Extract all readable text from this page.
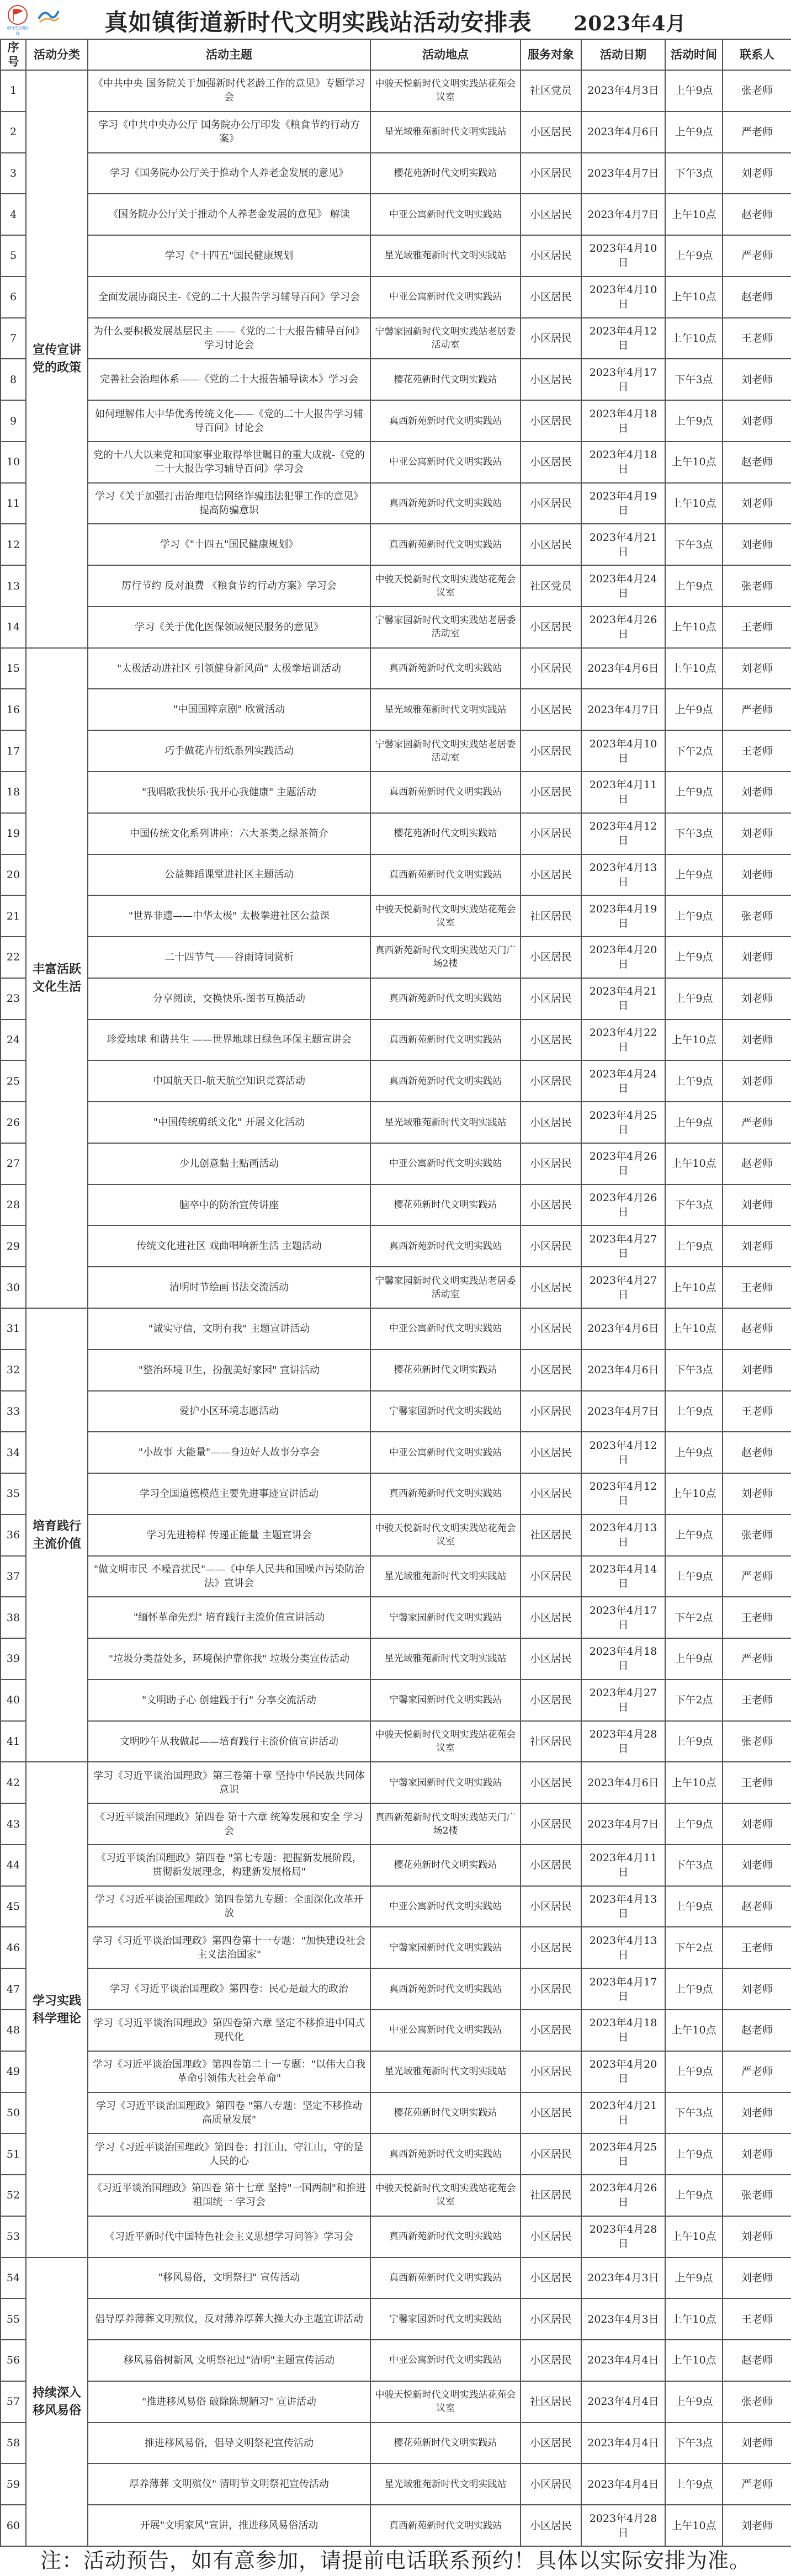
新时代文明实践	真如镇街道新时代文明实践站活动安排表 2023年4月
序号	活动分类	活动主题	活动地点	服务对象	活动日期	活动时间	联系人
1	宣传宣讲党的政策	《中共中央 国务院关于加强新时代老龄工作的意见》专题学习会	中骏天悦新时代文明实践站花苑会议室	社区党员	2023年4月3日	上午9点	张老师
2		学习《中共中央办公厅 国务院办公厅印发《粮食节约行动方案》	星光域雅苑新时代文明实践站	小区居民	2023年4月6日	上午9点	严老师
3		学习《国务院办公厅关于推动个人养老金发展的意见》	樱花苑新时代文明实践站	小区居民	2023年4月7日	下午3点	刘老师
4		《国务院办公厅关于推动个人养老金发展的意见》 解读	中亚公寓新时代文明实践站	小区居民	2023年4月7日	上午10点	赵老师
5		学习《"十四五"国民健康规划	星光域雅苑新时代文明实践站	小区居民	2023年4月10日	上午9点	严老师
6		全面发展协商民主-《党的二十大报告学习辅导百问》学习会	中亚公寓新时代文明实践站	小区居民	2023年4月10日	上午10点	赵老师
7		为什么要积极发展基层民主 ——《党的二十大报告辅导百问》学习讨论会	宁馨家园新时代文明实践站老居委活动室	小区居民	2023年4月12日	上午10点	王老师
8		完善社会治理体系——《党的二十大报告辅导读本》学习会	樱花苑新时代文明实践站	小区居民	2023年4月17日	下午3点	刘老师
9		如何理解伟大中华优秀传统文化——《党的二十大报告学习辅导百问》讨论会	真西新苑新时代文明实践站	小区居民	2023年4月18日	上午9点	刘老师
10		党的十八大以来党和国家事业取得举世瞩目的重大成就-《党的二十大报告学习辅导百问》学习会	中亚公寓新时代文明实践站	小区居民	2023年4月18日	上午10点	赵老师
11		学习《关于加强打击治理电信网络诈骗违法犯罪工作的意见》提高防骗意识	真西新苑新时代文明实践站	小区居民	2023年4月19日	上午10点	刘老师
12		学习《"十四五"国民健康规划》	真西新苑新时代文明实践站	小区居民	2023年4月21日	下午3点	刘老师
13		厉行节约 反对浪费 《粮食节约行动方案》学习会	中骏天悦新时代文明实践站花苑会议室	社区党员	2023年4月24日	上午9点	张老师
14		学习《关于优化医保领域便民服务的意见》	宁馨家园新时代文明实践站老居委活动室	小区居民	2023年4月26日	上午10点	王老师
15	丰富活跃文化生活	"太极活动进社区 引领健身新风尚" 太极拳培训活动	真西新苑新时代文明实践站	小区居民	2023年4月6日	上午10点	刘老师
16		"中国国粹京剧" 欣赏活动	星光域雅苑新时代文明实践站	小区居民	2023年4月7日	上午9点	严老师
17		巧手做花卉衍纸系列实践活动	宁馨家园新时代文明实践站老居委活动室	小区居民	2023年4月10日	下午2点	王老师
18		"我唱歌我快乐·我开心我健康" 主题活动	真西新苑新时代文明实践站	小区居民	2023年4月11日	上午9点	刘老师
19		中国传统文化系列讲座：六大茶类之绿茶简介	樱花苑新时代文明实践站	小区居民	2023年4月12日	下午3点	刘老师
20		公益舞蹈课堂进社区主题活动	真西新苑新时代文明实践站	小区居民	2023年4月13日	上午9点	刘老师
21		"世界非遗——中华太极" 太极拳进社区公益课	中骏天悦新时代文明实践站花苑会议室	社区居民	2023年4月19日	上午9点	张老师
22		二十四节气——谷雨诗词赏析	真西新苑新时代文明实践站天门广场2楼	小区居民	2023年4月20日	上午9点	刘老师
23		分享阅读，交换快乐-图书互换活动	真西新苑新时代文明实践站	小区居民	2023年4月21日	上午9点	刘老师
24		珍爱地球 和谐共生 ——世界地球日绿色环保主题宣讲会	真西新苑新时代文明实践站	小区居民	2023年4月22日	上午10点	刘老师
25		中国航天日-航天航空知识竞赛活动	真西新苑新时代文明实践站	小区居民	2023年4月24日	上午9点	刘老师
26		"中国传统剪纸文化" 开展文化活动	星光域雅苑新时代文明实践站	小区居民	2023年4月25日	上午9点	严老师
27		少儿创意黏土贴画活动	中亚公寓新时代文明实践站	小区居民	2023年4月26日	上午10点	赵老师
28		脑卒中的防治宣传讲座	樱花苑新时代文明实践站	小区居民	2023年4月26日	下午3点	刘老师
29		传统文化进社区 戏曲唱响新生活 主题活动	真西新苑新时代文明实践站	小区居民	2023年4月27日	上午9点	刘老师
30		清明时节绘画书法交流活动	宁馨家园新时代文明实践站老居委活动室	小区居民	2023年4月27日	上午10点	王老师
31	培育践行主流价值	"诚实守信，文明有我" 主题宣讲活动	中亚公寓新时代文明实践站	小区居民	2023年4月6日	上午10点	赵老师
32		"整治环境卫生，扮靓美好家园" 宣讲活动	樱花苑新时代文明实践站	小区居民	2023年4月6日	下午3点	刘老师
33		爱护小区环境志愿活动	宁馨家园新时代文明实践站	小区居民	2023年4月7日	上午9点	王老师
34		"小故事 大能量"——身边好人故事分享会	中亚公寓新时代文明实践站	小区居民	2023年4月12日	上午9点	赵老师
35		学习全国道德模范主要先进事迹宣讲活动	真西新苑新时代文明实践站	小区居民	2023年4月12日	上午10点	刘老师
36		学习先进榜样 传递正能量 主题宣讲会	中骏天悦新时代文明实践站花苑会议室	社区居民	2023年4月13日	上午9点	张老师
37		"做文明市民 不噪音扰民"——《中华人民共和国噪声污染防治法》宣讲会	星光域雅苑新时代文明实践站	小区居民	2023年4月14日	上午9点	严老师
38		"缅怀革命先烈" 培育践行主流价值宣讲活动	宁馨家园新时代文明实践站	小区居民	2023年4月17日	下午2点	王老师
39		"垃圾分类益处多，环境保护靠你我" 垃圾分类宣传活动	星光域雅苑新时代文明实践站	小区居民	2023年4月18日	上午9点	严老师
40		"文明助子心 创建践于行" 分享交流活动	宁馨家园新时代文明实践站	小区居民	2023年4月27日	下午2点	王老师
41		文明吵午从我做起——培育践行主流价值宣讲活动	中骏天悦新时代文明实践站花苑会议室	社区居民	2023年4月28日	上午9点	张老师
42	学习实践科学理论	学习《习近平谈治国理政》第三卷第十章 坚持中华民族共同体意识	宁馨家园新时代文明实践站	小区居民	2023年4月6日	上午10点	王老师
43		《习近平谈治国理政》第四卷 第十六章 统筹发展和安全 学习会	真西新苑新时代文明实践站天门广场2楼	小区居民	2023年4月7日	上午9点	刘老师
44		《习近平谈治国理政》第四卷 "第七专题：把握新发展阶段，贯彻新发展理念，构建新发展格局"	樱花苑新时代文明实践站	小区居民	2023年4月11日	下午3点	刘老师
45		学习《习近平谈治国理政》第四卷第九专题：全面深化改革开放	中亚公寓新时代文明实践站	小区居民	2023年4月13日	上午9点	赵老师
46		学习《习近平谈治国理政》第四卷第十一专题："加快建设社会主义法治国家"	宁馨家园新时代文明实践站	小区居民	2023年4月13日	下午2点	王老师
47		学习《习近平谈治国理政》第四卷：民心是最大的政治	真西新苑新时代文明实践站	小区居民	2023年4月17日	上午9点	刘老师
48		学习《习近平谈治国理政》第四卷第六章 坚定不移推进中国式现代化	中亚公寓新时代文明实践站	小区居民	2023年4月18日	上午10点	赵老师
49		学习《习近平谈治国理政》第四卷第二十一专题："以伟大自我革命引领伟大社会革命"	星光域雅苑新时代文明实践站	小区居民	2023年4月20日	上午9点	严老师
50		学习《习近平谈治国理政》第四卷 "第八专题：坚定不移推动高质量发展"	樱花苑新时代文明实践站	小区居民	2023年4月21日	下午3点	刘老师
51		学习《习近平谈治国理政》第四卷：打江山、守江山，守的是人民的心	真西新苑新时代文明实践站	小区居民	2023年4月25日	上午9点	刘老师
52		《习近平谈治国理政》第四卷 第十七章 坚持"一国两制"和推进祖国统一 学习会	中骏天悦新时代文明实践站花苑会议室	社区居民	2023年4月26日	上午9点	张老师
53		《习近平新时代中国特色社会主义思想学习问答》学习会	真西新苑新时代文明实践站	小区居民	2023年4月28日	上午10点	刘老师
54	持续深入移风易俗	"移风易俗，文明祭扫" 宣传活动	真西新苑新时代文明实践站	小区居民	2023年4月3日	上午9点	刘老师
55		倡导厚养薄葬文明殡仪，反对薄养厚葬大操大办主题宣讲活动	宁馨家园新时代文明实践站	小区居民	2023年4月3日	上午10点	王老师
56		移风易俗树新风 文明祭祀过"清明"主题宣传活动	中亚公寓新时代文明实践站	小区居民	2023年4月4日	上午10点	赵老师
57		"推进移风易俗 破除陈规陋习" 宣讲活动	中骏天悦新时代文明实践站花苑会议室	社区居民	2023年4月4日	上午9点	张老师
58		推进移风易俗，倡导文明祭祀宣传活动	樱花苑新时代文明实践站	小区居民	2023年4月4日	下午3点	刘老师
59		厚养薄葬 文明殡仪" 清明节文明祭祀宣传活动	星光域雅苑新时代文明实践站	小区居民	2023年4月4日	上午9点	严老师
60		开展"文明家风"宣讲，推进移风易俗活动	真西新苑新时代文明实践站	小区居民	2023年4月28日	上午10点	刘老师
注：活动预告，如有意参加，请提前电话联系预约！具体以实际安排为准。
